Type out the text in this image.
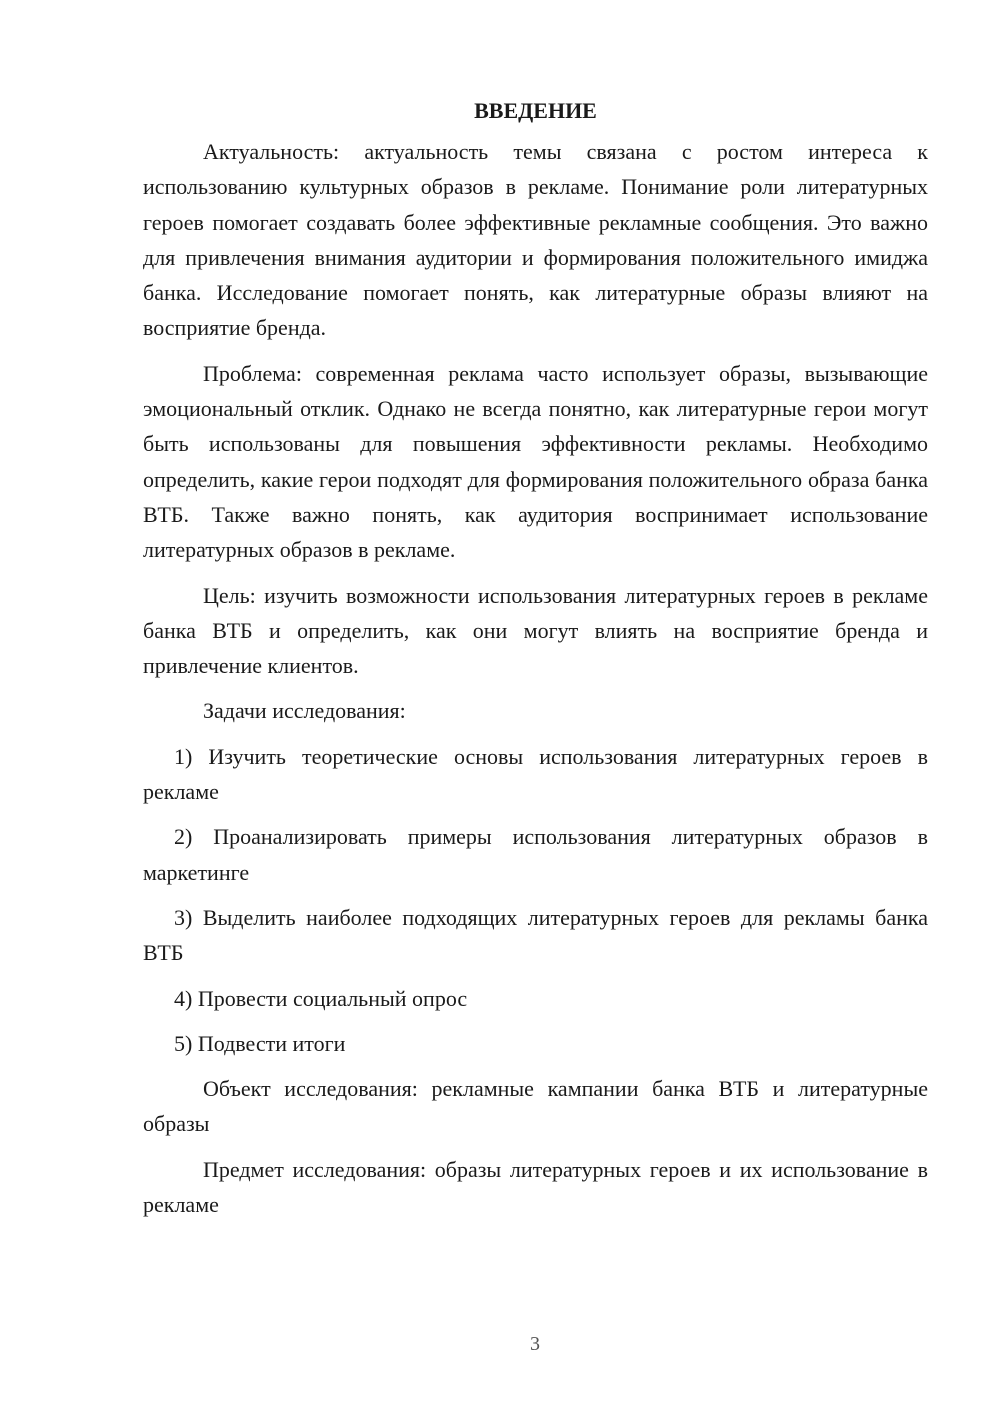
ВВЕДЕНИЕ

Актуальность: актуальность темы связана с ростом интереса к использованию культурных образов в рекламе. Понимание роли литературных героев помогает создавать более эффективные рекламные сообщения. Это важно для привлечения внимания аудитории и формирования положительного имиджа банка. Исследование помогает понять, как литературные образы влияют на восприятие бренда.

Проблема: современная реклама часто использует образы, вызывающие эмоциональный отклик. Однако не всегда понятно, как литературные герои могут быть использованы для повышения эффективности рекламы. Необходимо определить, какие герои подходят для формирования положительного образа банка ВТБ. Также важно понять, как аудитория воспринимает использование литературных образов в рекламе.

Цель: изучить возможности использования литературных героев в рекламе банка ВТБ и определить, как они могут влиять на восприятие бренда и привлечение клиентов.

Задачи исследования:

1) Изучить теоретические основы использования литературных героев в рекламе

2) Проанализировать примеры использования литературных образов в маркетинге

3) Выделить наиболее подходящих литературных героев для рекламы банка ВТБ

4) Провести социальный опрос

5) Подвести итоги

Объект исследования: рекламные кампании банка ВТБ и литературные образы

Предмет исследования: образы литературных героев и их использование в рекламе

3
